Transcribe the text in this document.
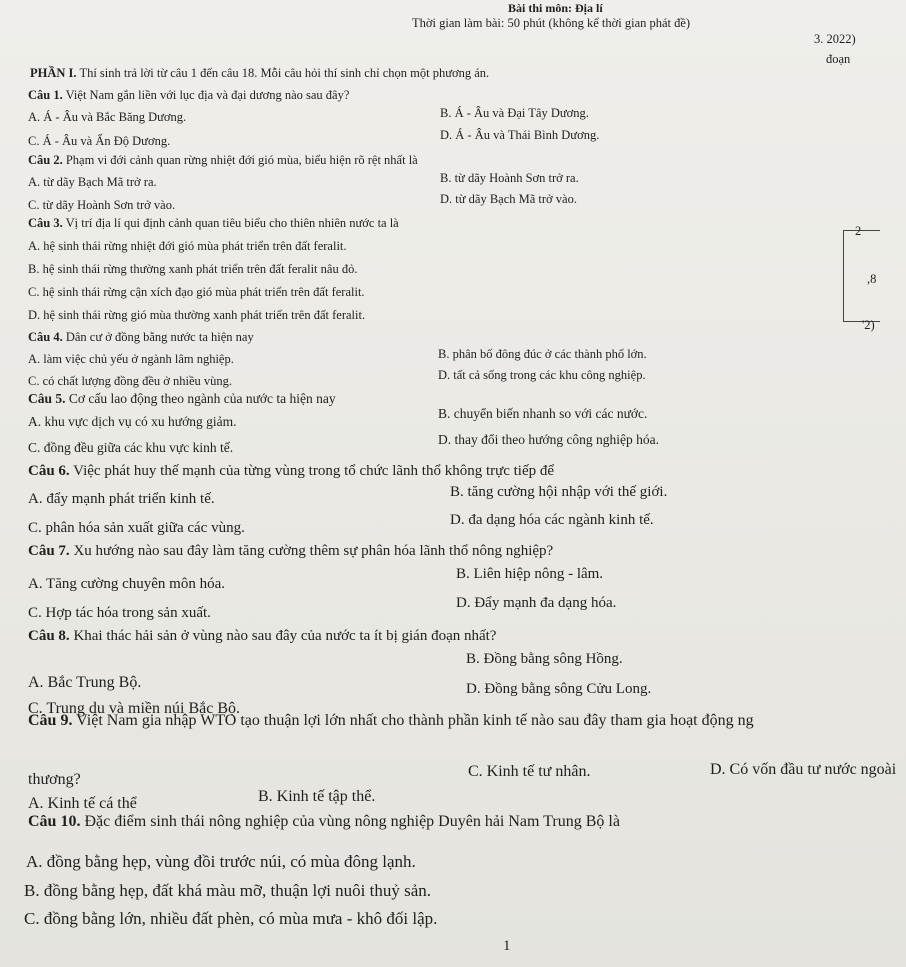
Bài thi môn: Địa lí
Thời gian làm bài: 50 phút (không kể thời gian phát đề)
3. 2022)
đoạn
PHẦN I. Thí sinh trả lời từ câu 1 đến câu 18. Mỗi câu hỏi thí sinh chỉ chọn một phương án.
Câu 1. Việt Nam gắn liền với lục địa và đại dương nào sau đây?
A. Á - Âu và Bắc Băng Dương.	B. Á - Âu và Đại Tây Dương.
C. Á - Âu và Ấn Độ Dương.	D. Á - Âu và Thái Bình Dương.
Câu 2. Phạm vi đới cảnh quan rừng nhiệt đới gió mùa, biểu hiện rõ rệt nhất là
A. từ dãy Bạch Mã trở ra.	B. từ dãy Hoành Sơn trở ra.
C. từ dãy Hoành Sơn trở vào.	D. từ dãy Bạch Mã trở vào.
Câu 3. Vị trí địa lí qui định cảnh quan tiêu biểu cho thiên nhiên nước ta là
A. hệ sinh thái rừng nhiệt đới gió mùa phát triển trên đất feralit.
B. hệ sinh thái rừng thường xanh phát triển trên đất feralit nâu đỏ.
C. hệ sinh thái rừng cận xích đạo gió mùa phát triển trên đất feralit.
D. hệ sinh thái rừng gió mùa thường xanh phát triển trên đất feralit.
Câu 4. Dân cư ở đồng bằng nước ta hiện nay
A. làm việc chủ yếu ở ngành lâm nghiệp.	B. phân bố đông đúc ở các thành phố lớn.
C. có chất lượng đồng đều ở nhiều vùng.	D. tất cả sống trong các khu công nghiệp.
Câu 5. Cơ cấu lao động theo ngành của nước ta hiện nay
A. khu vực dịch vụ có xu hướng giảm.
B. chuyển biến nhanh so với các nước.
C. đồng đều giữa các khu vực kinh tế.
D. thay đổi theo hướng công nghiệp hóa.
Câu 6. Việc phát huy thế mạnh của từng vùng trong tổ chức lãnh thổ không trực tiếp để
A. đẩy mạnh phát triển kinh tế.	B. tăng cường hội nhập với thế giới.
C. phân hóa sản xuất giữa các vùng.	D. đa dạng hóa các ngành kinh tế.
Câu 7. Xu hướng nào sau đây làm tăng cường thêm sự phân hóa lãnh thổ nông nghiệp?
A. Tăng cường chuyên môn hóa.
B. Liên hiệp nông - lâm.
C. Hợp tác hóa trong sản xuất.
D. Đẩy mạnh đa dạng hóa.
Câu 8. Khai thác hải sản ở vùng nào sau đây của nước ta ít bị gián đoạn nhất?
A. Bắc Trung Bộ.
B. Đồng bằng sông Hồng.
C. Trung du và miền núi Bắc Bộ.
D. Đồng bằng sông Cửu Long.
Câu 9. Việt Nam gia nhập WTO tạo thuận lợi lớn nhất cho thành phần kinh tế nào sau đây tham gia hoạt động ng
thương?
A. Kinh tế cá thể	B. Kinh tế tập thể.
C. Kinh tế tư nhân.	D. Có vốn đầu tư nước ngoài
Câu 10. Đặc điểm sinh thái nông nghiệp của vùng nông nghiệp Duyên hải Nam Trung Bộ là
A. đồng bằng hẹp, vùng đồi trước núi, có mùa đông lạnh.
B. đồng bằng hẹp, đất khá màu mỡ, thuận lợi nuôi thuỷ sản.
C. đồng bằng lớn, nhiều đất phèn, có mùa mưa - khô đối lập.
1
2
,8
'2)
